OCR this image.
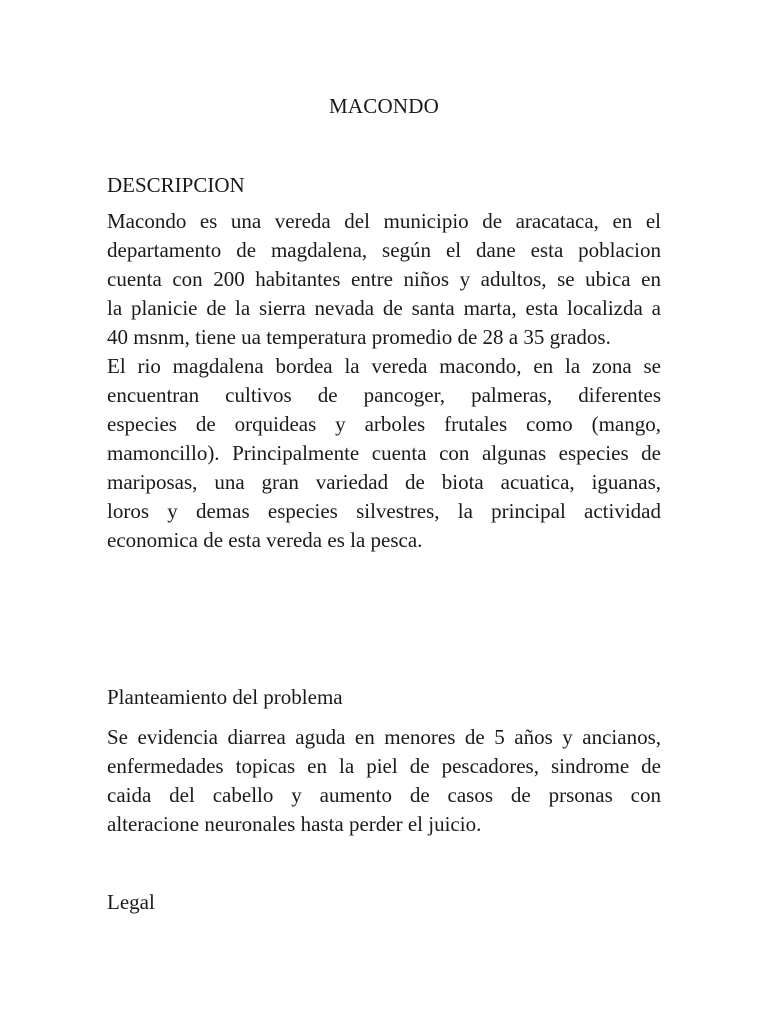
MACONDO
DESCRIPCION
Macondo es una vereda del municipio de aracataca, en el
departamento de magdalena, según el dane esta poblacion
cuenta con 200 habitantes entre niños y adultos, se ubica en
la planicie de la sierra nevada de santa marta, esta localizda a
40 msnm, tiene ua temperatura promedio de 28 a 35 grados.
El rio magdalena bordea la vereda macondo, en la zona se
encuentran cultivos de pancoger, palmeras, diferentes
especies de orquideas y arboles frutales como (mango,
mamoncillo). Principalmente cuenta con algunas especies de
mariposas, una gran variedad de biota acuatica, iguanas,
loros y demas especies silvestres, la principal actividad
economica de esta vereda es la pesca.
Planteamiento del problema
Se evidencia diarrea aguda en menores de 5 años y ancianos,
enfermedades topicas en la piel de pescadores, sindrome de
caida del cabello y aumento de casos de prsonas con
alteracione neuronales hasta perder el juicio.
Legal
